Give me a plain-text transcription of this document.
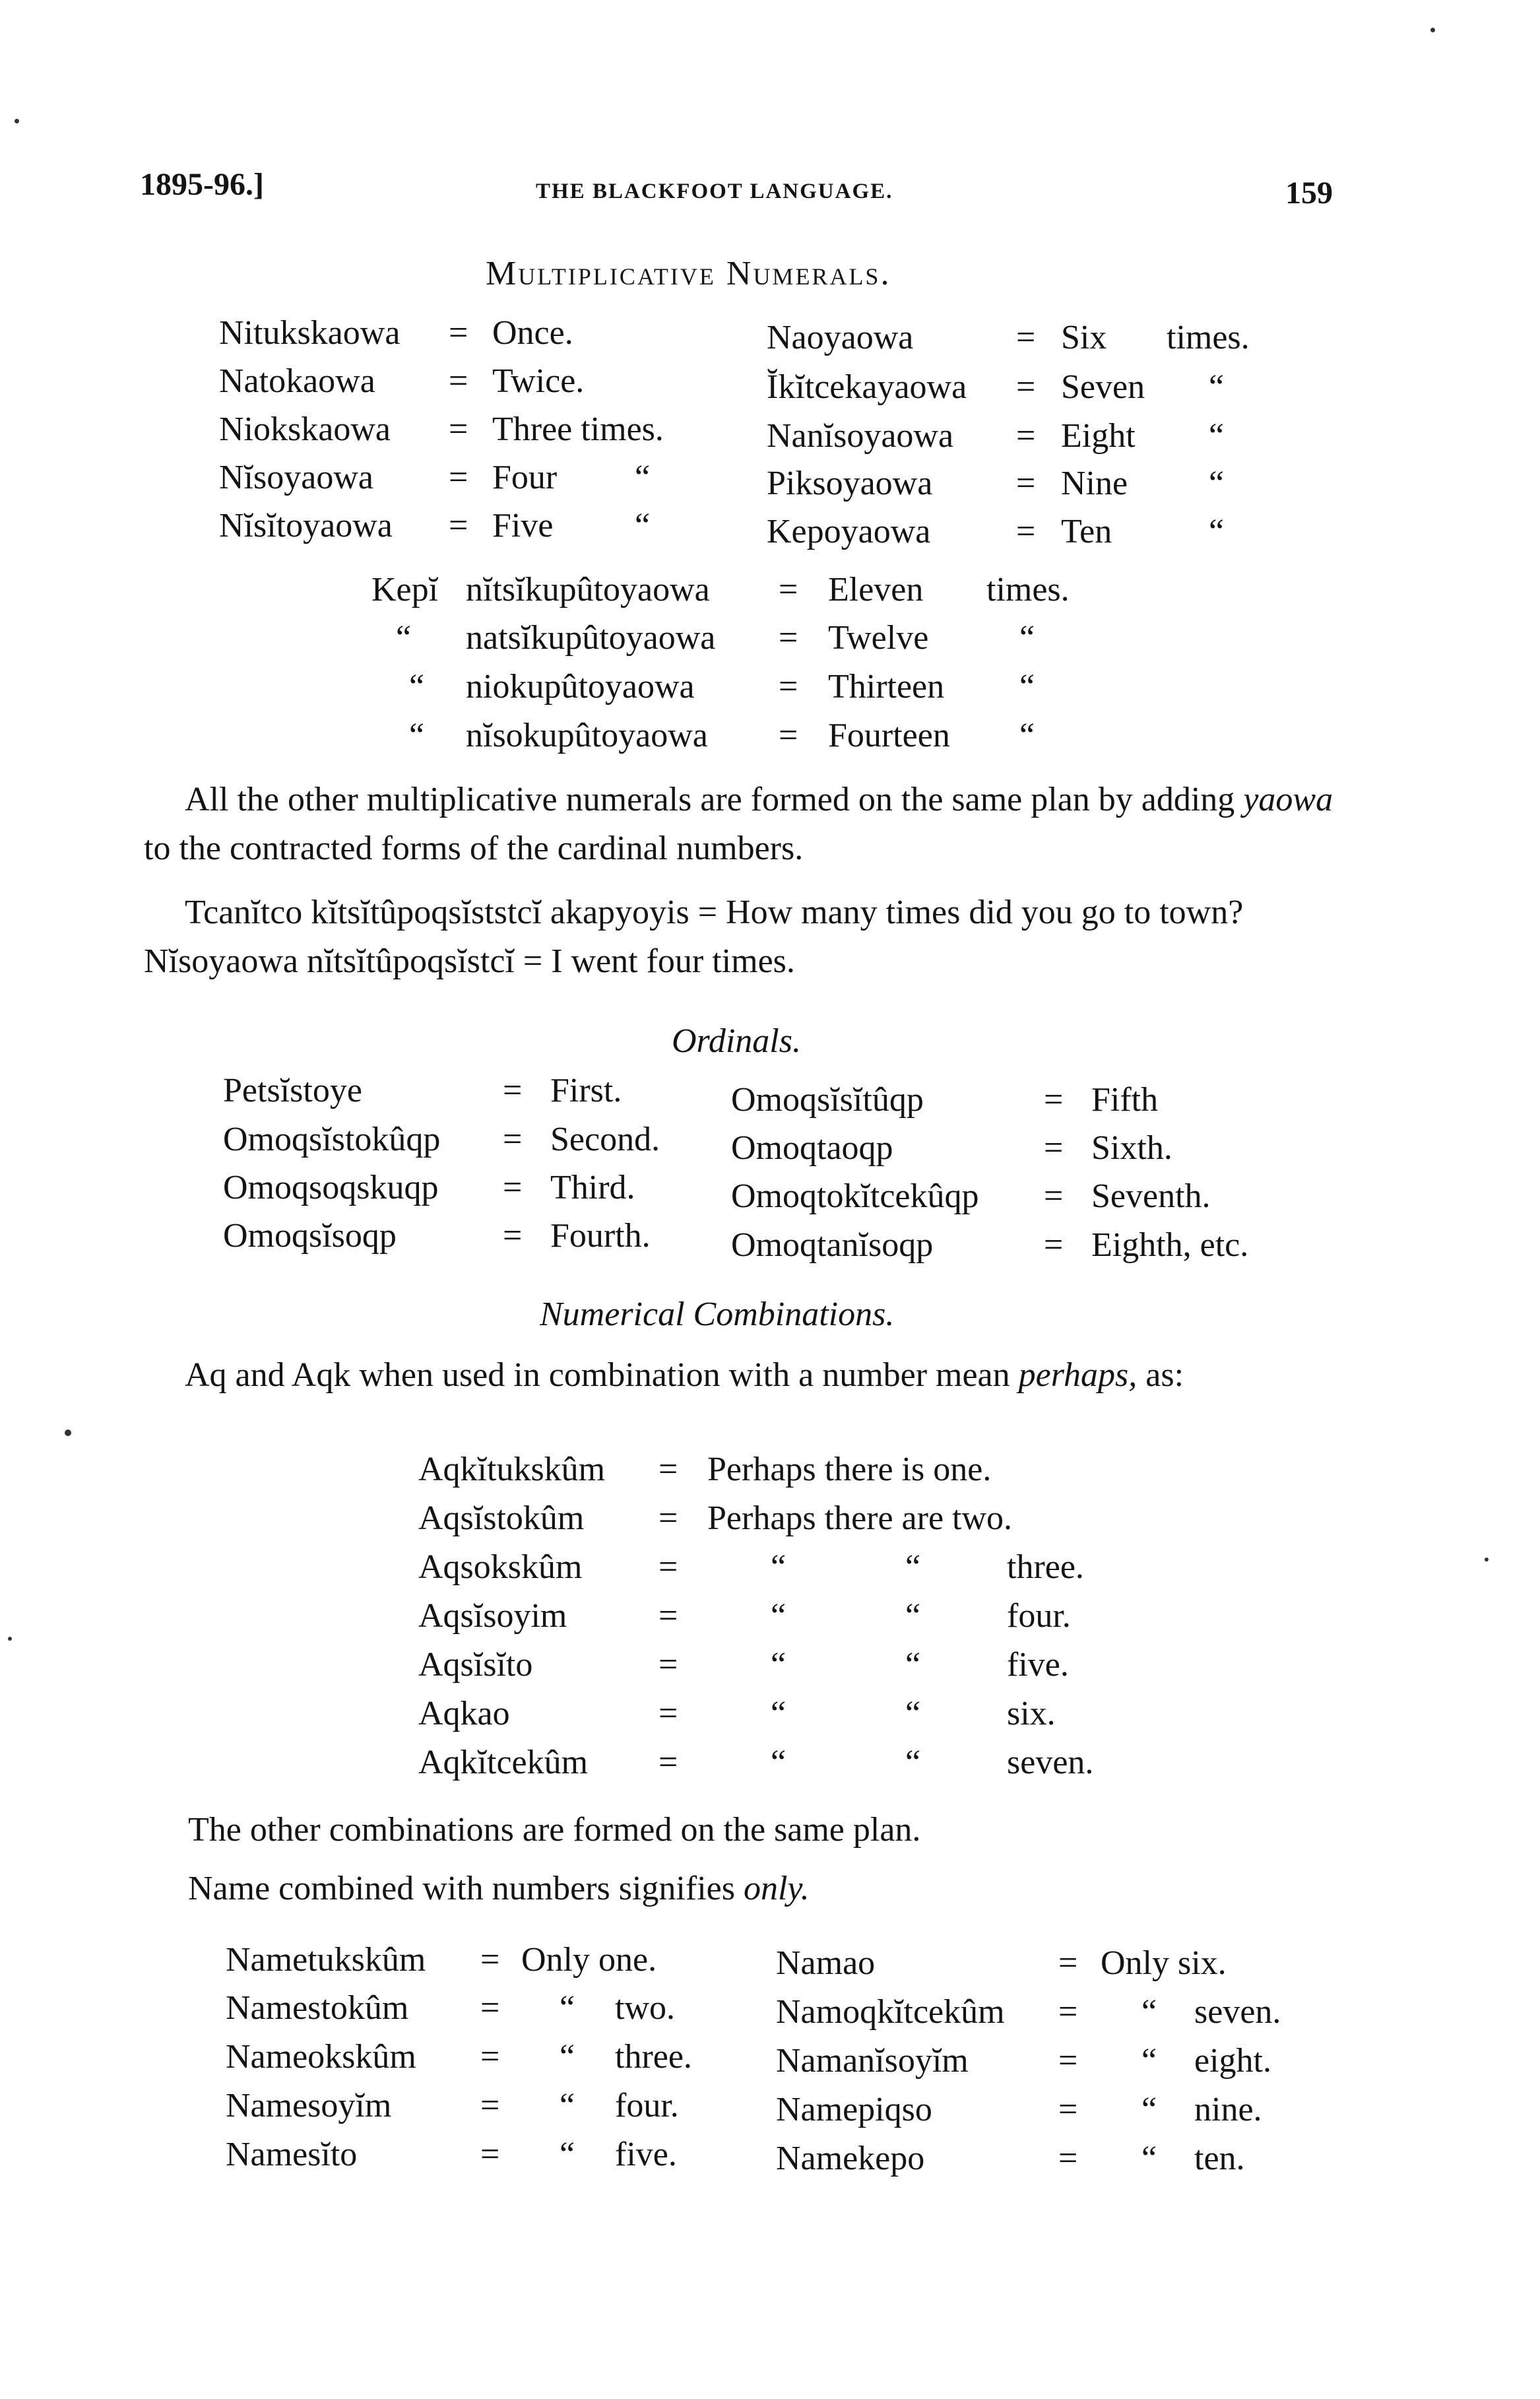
1895-96.]	THE BLACKFOOT LANGUAGE.	159
Multiplicative Numerals.
Nitukskaowa = Once.
Natokaowa = Twice.
Niokskaowa = Three times.
Nĭsoyaowa = Four “
Nĭsĭtoyaowa = Five “
Naoyaowa	= Six times.
Ĭkĭtcekayaowa = Seven “
Nanĭsoyaowa = Eight “
Piksoyaowa = Nine “
Kepoyaowa = Ten	“
Kepĭ nĭtsĭkupûtoyaowa = Eleven times.
“ natsĭkupûtoyaowa = Twelve	“
“ niokupûtoyaowa = Thirteen “
“ nĭsokupûtoyaowa = Fourteen “
All the other multiplicative numerals are formed on the same plan by adding yaowa to the contracted forms of the cardinal numbers.
Tcanĭtco kĭtsĭtûpoqsĭststcĭ akapyoyis = How many times did you go to town? Nĭsoyaowa nĭtsĭtûpoqsĭstcĭ = I went four times.
Ordinals.
Petsĭstoye	= First.
Omoqsĭstokûqp = Second.
Omoqsoqskuqp = Third.
Omoqsĭsoqp	= Fourth.
Omoqsĭsĭtûqp	= Fifth
Omoqtaoqp	= Sixth.
Omoqtokĭtcekûqp = Seventh.
Omoqtanĭsoqp	= Eighth, etc.
Numerical Combinations.
Aq and Aqk when used in combination with a number mean perhaps, as:
Aqkĭtukskûm = Perhaps there is one.
Aqsĭstokûm = Perhaps there are two.
Aqsokskûm =	“	“	three.
Aqsĭsoyim	=	“	“	four.
Aqsĭsĭto	=	“	“	five.
Aqkao	=	“	“	six.
Aqkĭtcekûm =	“	“	seven.
The other combinations are formed on the same plan.
Name combined with numbers signifies only.
Nametukskûm = Only one.
Namestokûm = “ two.
Nameokskûm = “ three.
Namesoyĭm	= “ four.
Namesĭto	= “ five.
Namao	= Only six.
Namoqkĭtcekûm = “ seven.
Namanĭsoyĭm	= “ eight.
Namepiqso	= “ nine.
Namekepo	= “ ten.
